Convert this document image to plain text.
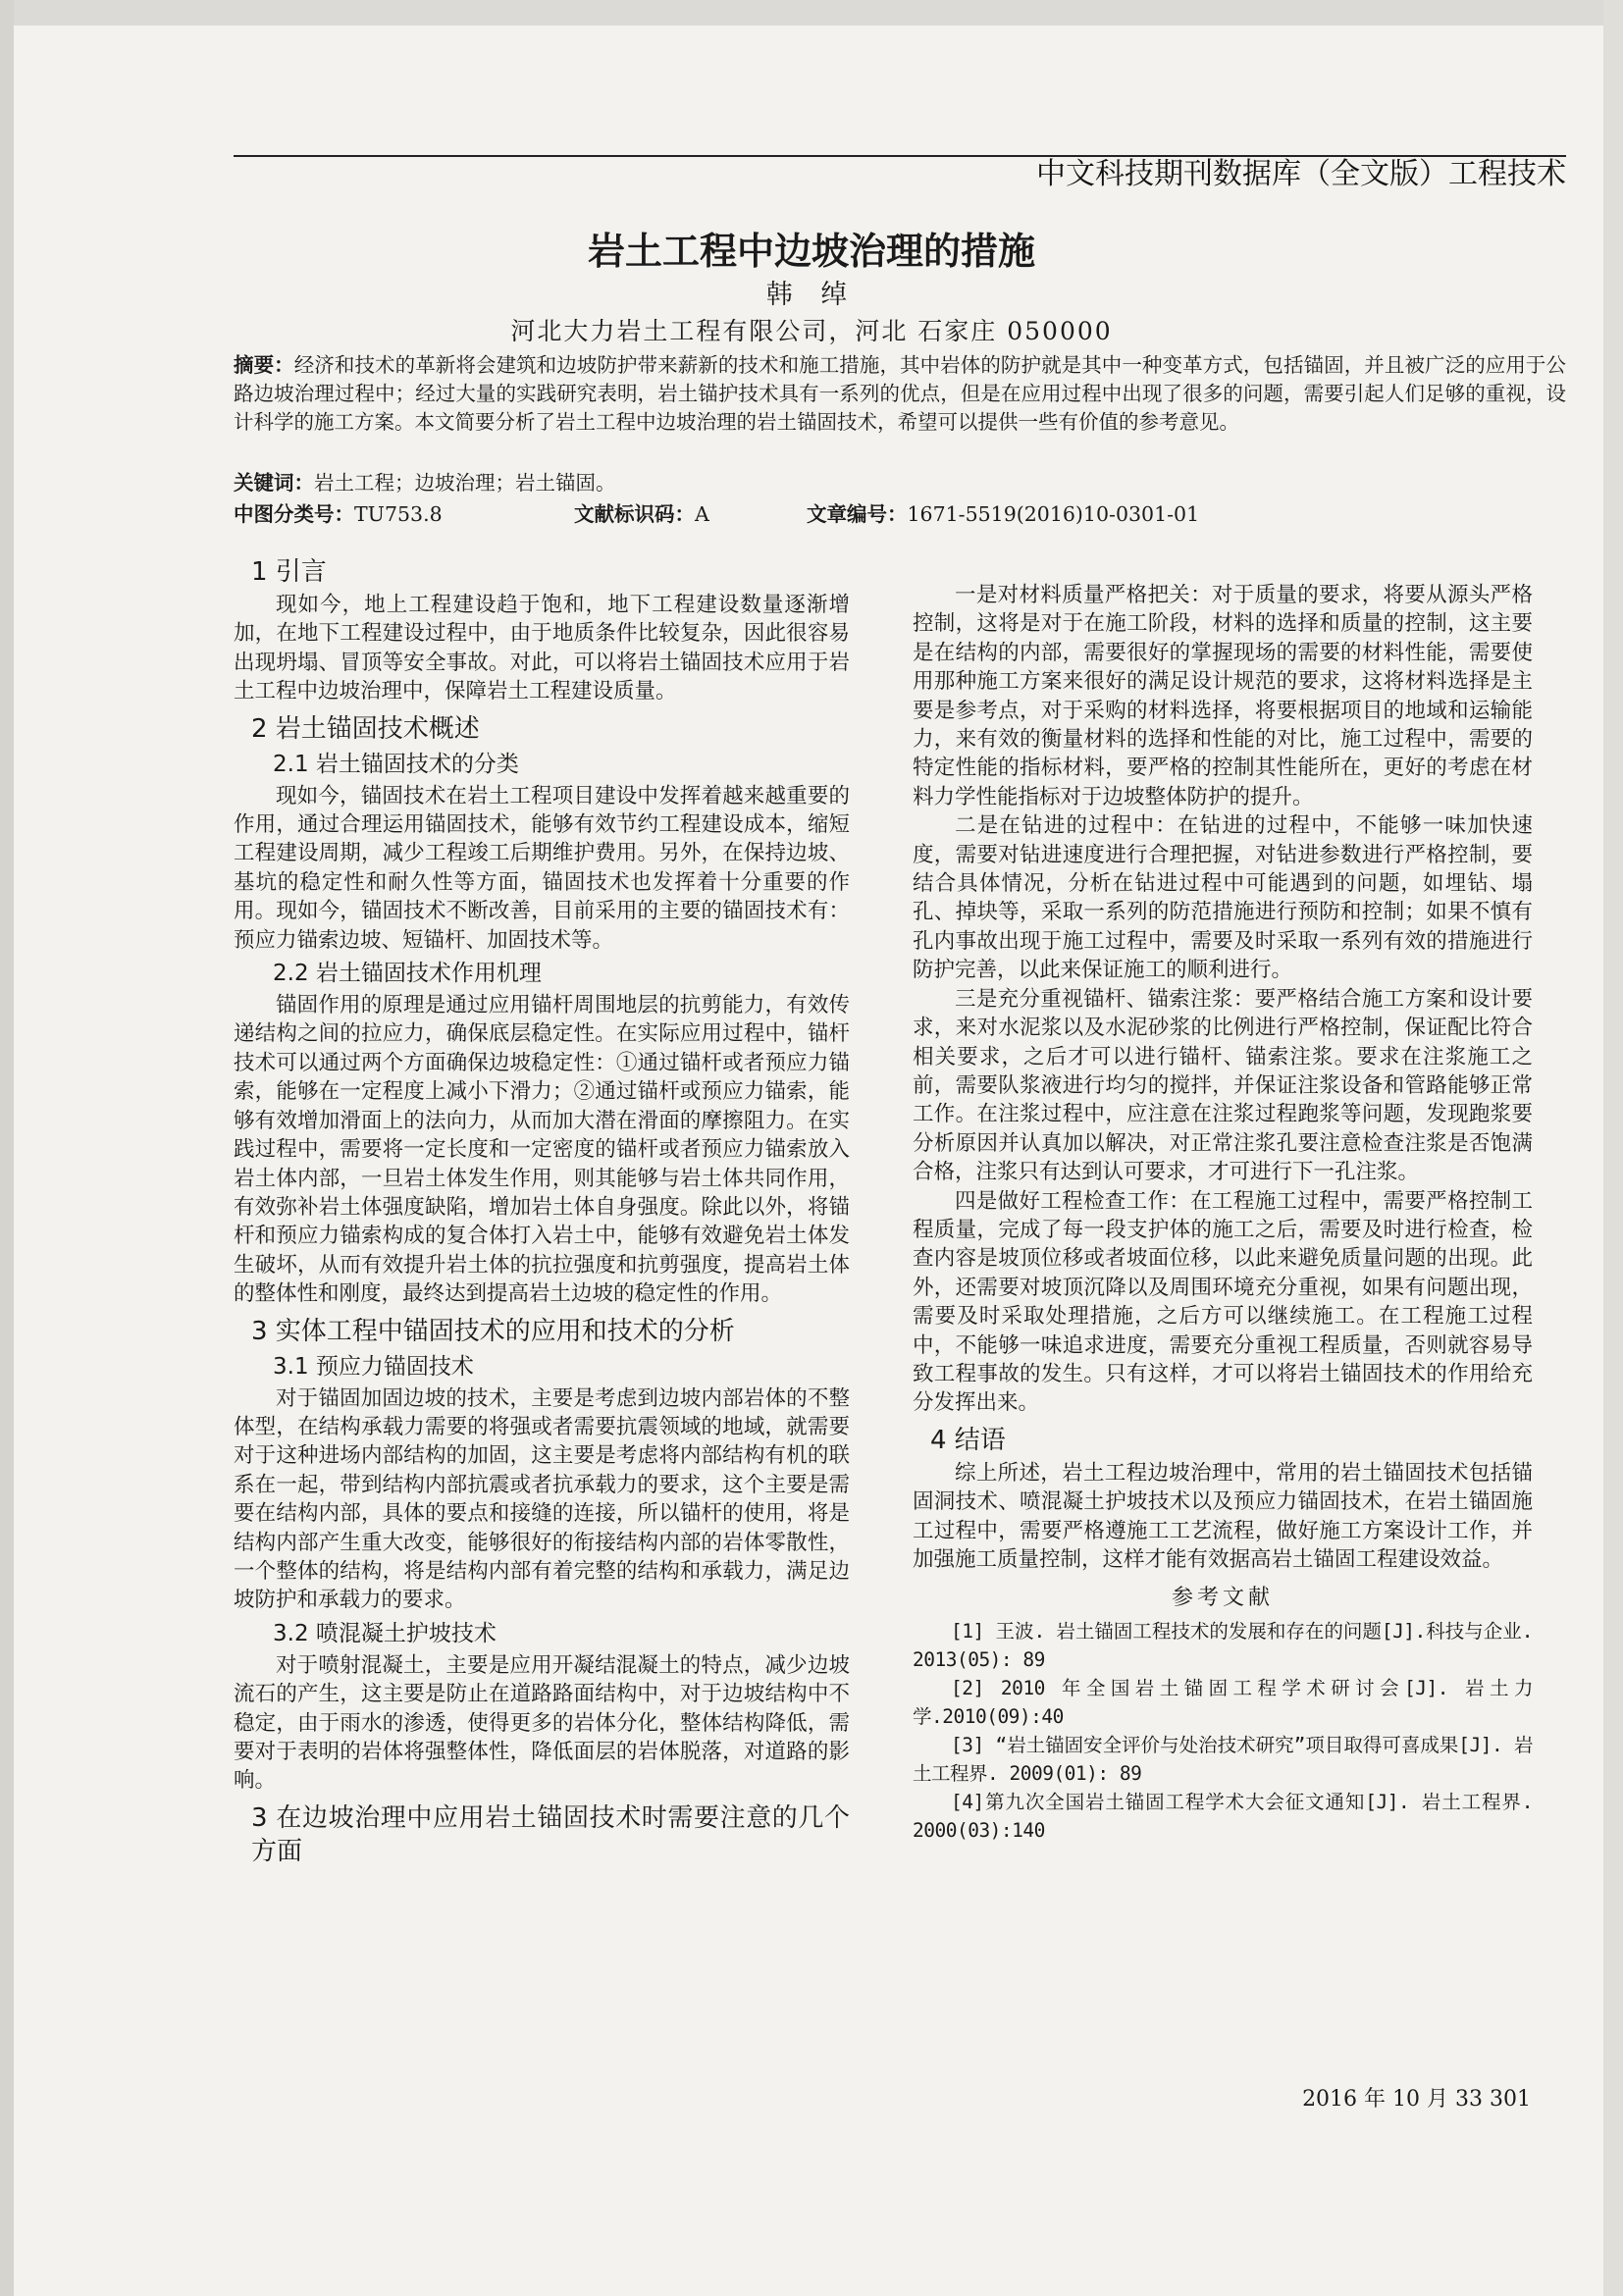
中文科技期刊数据库（全文版）工程技术
岩土工程中边坡治理的措施
韩 绰
河北大力岩土工程有限公司，河北 石家庄 050000
摘要：经济和技术的革新将会建筑和边坡防护带来薪新的技术和施工措施，其中岩体的防护就是其中一种变革方式，包括锚固，并且被广泛的应用于公路边坡治理过程中；经过大量的实践研究表明，岩土锚护技术具有一系列的优点，但是在应用过程中出现了很多的问题，需要引起人们足够的重视，设计科学的施工方案。本文简要分析了岩土工程中边坡治理的岩土锚固技术，希望可以提供一些有价值的参考意见。
关键词：岩土工程；边坡治理；岩土锚固。
中图分类号：TU753.8	文献标识码：A	文章编号：1671-5519(2016)10-0301-01
1 引言

现如今，地上工程建设趋于饱和，地下工程建设数量逐渐增加，在地下工程建设过程中，由于地质条件比较复杂，因此很容易出现坍塌、冒顶等安全事故。对此，可以将岩土锚固技术应用于岩土工程中边坡治理中，保障岩土工程建设质量。

2 岩土锚固技术概述
2.1 岩土锚固技术的分类

现如今，锚固技术在岩土工程项目建设中发挥着越来越重要的作用，通过合理运用锚固技术，能够有效节约工程建设成本，缩短工程建设周期，减少工程竣工后期维护费用。另外，在保持边坡、基坑的稳定性和耐久性等方面，锚固技术也发挥着十分重要的作用。现如今，锚固技术不断改善，目前采用的主要的锚固技术有：预应力锚索边坡、短锚杆、加固技术等。

2.2 岩土锚固技术作用机理

锚固作用的原理是通过应用锚杆周围地层的抗剪能力，有效传递结构之间的拉应力，确保底层稳定性。在实际应用过程中，锚杆技术可以通过两个方面确保边坡稳定性：①通过锚杆或者预应力锚索，能够在一定程度上减小下滑力；②通过锚杆或预应力锚索，能够有效增加滑面上的法向力，从而加大潜在滑面的摩擦阻力。在实践过程中，需要将一定长度和一定密度的锚杆或者预应力锚索放入岩土体内部，一旦岩土体发生作用，则其能够与岩土体共同作用，有效弥补岩土体强度缺陷，增加岩土体自身强度。除此以外，将锚杆和预应力锚索构成的复合体打入岩土中，能够有效避免岩土体发生破坏，从而有效提升岩土体的抗拉强度和抗剪强度，提高岩土体的整体性和刚度，最终达到提高岩土边坡的稳定性的作用。

3 实体工程中锚固技术的应用和技术的分析
3.1 预应力锚固技术

对于锚固加固边坡的技术，主要是考虑到边坡内部岩体的不整体型，在结构承载力需要的将强或者需要抗震领域的地域，就需要对于这种进场内部结构的加固，这主要是考虑将内部结构有机的联系在一起，带到结构内部抗震或者抗承载力的要求，这个主要是需要在结构内部，具体的要点和接缝的连接，所以锚杆的使用，将是结构内部产生重大改变，能够很好的衔接结构内部的岩体零散性，一个整体的结构，将是结构内部有着完整的结构和承载力，满足边坡防护和承载力的要求。

3.2 喷混凝土护坡技术

对于喷射混凝土，主要是应用开凝结混凝土的特点，减少边坡流石的产生，这主要是防止在道路路面结构中，对于边坡结构中不稳定，由于雨水的渗透，使得更多的岩体分化，整体结构降低，需要对于表明的岩体将强整体性，降低面层的岩体脱落，对道路的影响。

3 在边坡治理中应用岩土锚固技术时需要注意的几个方面

一是对材料质量严格把关：对于质量的要求，将要从源头严格控制，这将是对于在施工阶段，材料的选择和质量的控制，这主要是在结构的内部，需要很好的掌握现场的需要的材料性能，需要使用那种施工方案来很好的满足设计规范的要求，这将材料选择是主要是参考点，对于采购的材料选择，将要根据项目的地域和运输能力，来有效的衡量材料的选择和性能的对比，施工过程中，需要的特定性能的指标材料，要严格的控制其性能所在，更好的考虑在材料力学性能指标对于边坡整体防护的提升。

二是在钻进的过程中：在钻进的过程中，不能够一味加快速度，需要对钻进速度进行合理把握，对钻进参数进行严格控制，要结合具体情况，分析在钻进过程中可能遇到的问题，如埋钻、塌孔、掉块等，采取一系列的防范措施进行预防和控制；如果不慎有孔内事故出现于施工过程中，需要及时采取一系列有效的措施进行防护完善，以此来保证施工的顺利进行。

三是充分重视锚杆、锚索注浆：要严格结合施工方案和设计要求，来对水泥浆以及水泥砂浆的比例进行严格控制，保证配比符合相关要求，之后才可以进行锚杆、锚索注浆。要求在注浆施工之前，需要队浆液进行均匀的搅拌，并保证注浆设备和管路能够正常工作。在注浆过程中，应注意在注浆过程跑浆等问题，发现跑浆要分析原因并认真加以解决，对正常注浆孔要注意检查注浆是否饱满合格，注浆只有达到认可要求，才可进行下一孔注浆。

四是做好工程检查工作：在工程施工过程中，需要严格控制工程质量，完成了每一段支护体的施工之后，需要及时进行检查，检查内容是坡顶位移或者坡面位移，以此来避免质量问题的出现。此外，还需要对坡顶沉降以及周围环境充分重视，如果有问题出现，需要及时采取处理措施，之后方可以继续施工。在工程施工过程中，不能够一味追求进度，需要充分重视工程质量，否则就容易导致工程事故的发生。只有这样，才可以将岩土锚固技术的作用给充分发挥出来。

4 结语

综上所述，岩土工程边坡治理中，常用的岩土锚固技术包括锚固洞技术、喷混凝土护坡技术以及预应力锚固技术，在岩土锚固施工过程中，需要严格遵施工工艺流程，做好施工方案设计工作，并加强施工质量控制，这样才能有效据高岩土锚固工程建设效益。

参考文献

[1] 王波. 岩土锚固工程技术的发展和存在的问题[J].科技与企业. 2013(05): 89

[2] 2010 年全国岩土锚固工程学术研讨会[J]. 岩土力学.2010(09):40

[3] “岩土锚固安全评价与处治技术研究”项目取得可喜成果[J]. 岩土工程界. 2009(01): 89

[4]第九次全国岩土锚固工程学术大会征文通知[J]. 岩土工程界. 2000(03):140

2016 年 10 月 33 301
